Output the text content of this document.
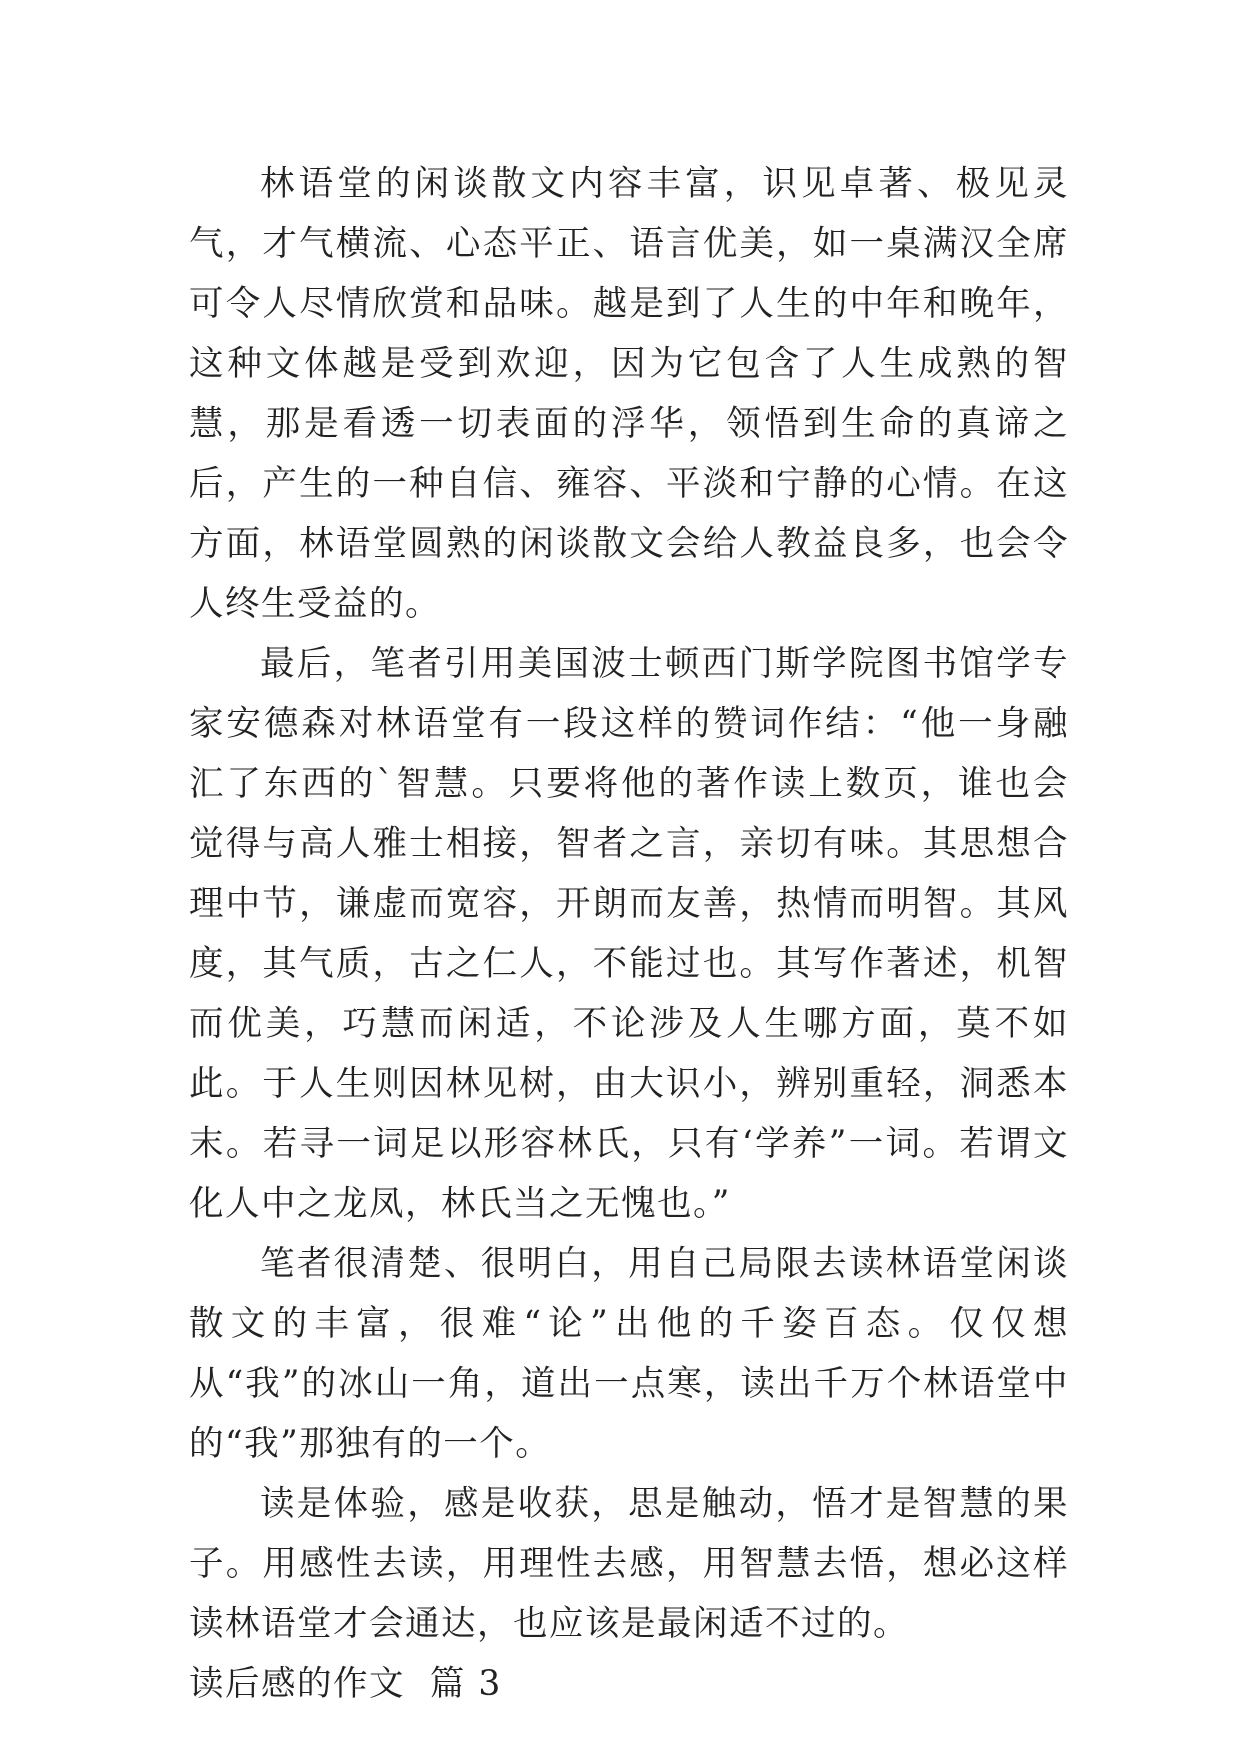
林语堂的闲谈散文内容丰富，识见卓著、极见灵气，才气横流、心态平正、语言优美，如一桌满汉全席可令人尽情欣赏和品味。越是到了人生的中年和晚年，这种文体越是受到欢迎，因为它包含了人生成熟的智慧，那是看透一切表面的浮华，领悟到生命的真谛之后，产生的一种自信、雍容、平淡和宁静的心情。在这方面，林语堂圆熟的闲谈散文会给人教益良多，也会令人终生受益的。

最后，笔者引用美国波士顿西门斯学院图书馆学专家安德森对林语堂有一段这样的赞词作结：“他一身融汇了东西的`智慧。只要将他的著作读上数页，谁也会觉得与高人雅士相接，智者之言，亲切有味。其思想合理中节，谦虚而宽容，开朗而友善，热情而明智。其风度，其气质，古之仁人，不能过也。其写作著述，机智而优美，巧慧而闲适，不论涉及人生哪方面，莫不如此。于人生则因林见树，由大识小，辨别重轻，洞悉本末。若寻一词足以形容林氏，只有‘学养”一词。若谓文化人中之龙凤，林氏当之无愧也。”

笔者很清楚、很明白，用自己局限去读林语堂闲谈散文的丰富，很难“论”出他的千姿百态。仅仅想从“我”的冰山一角，道出一点寒，读出千万个林语堂中的“我”那独有的一个。

读是体验，感是收获，思是触动，悟才是智慧的果子。用感性去读，用理性去感，用智慧去悟，想必这样读林语堂才会通达，也应该是最闲适不过的。

读后感的作文  篇 3
